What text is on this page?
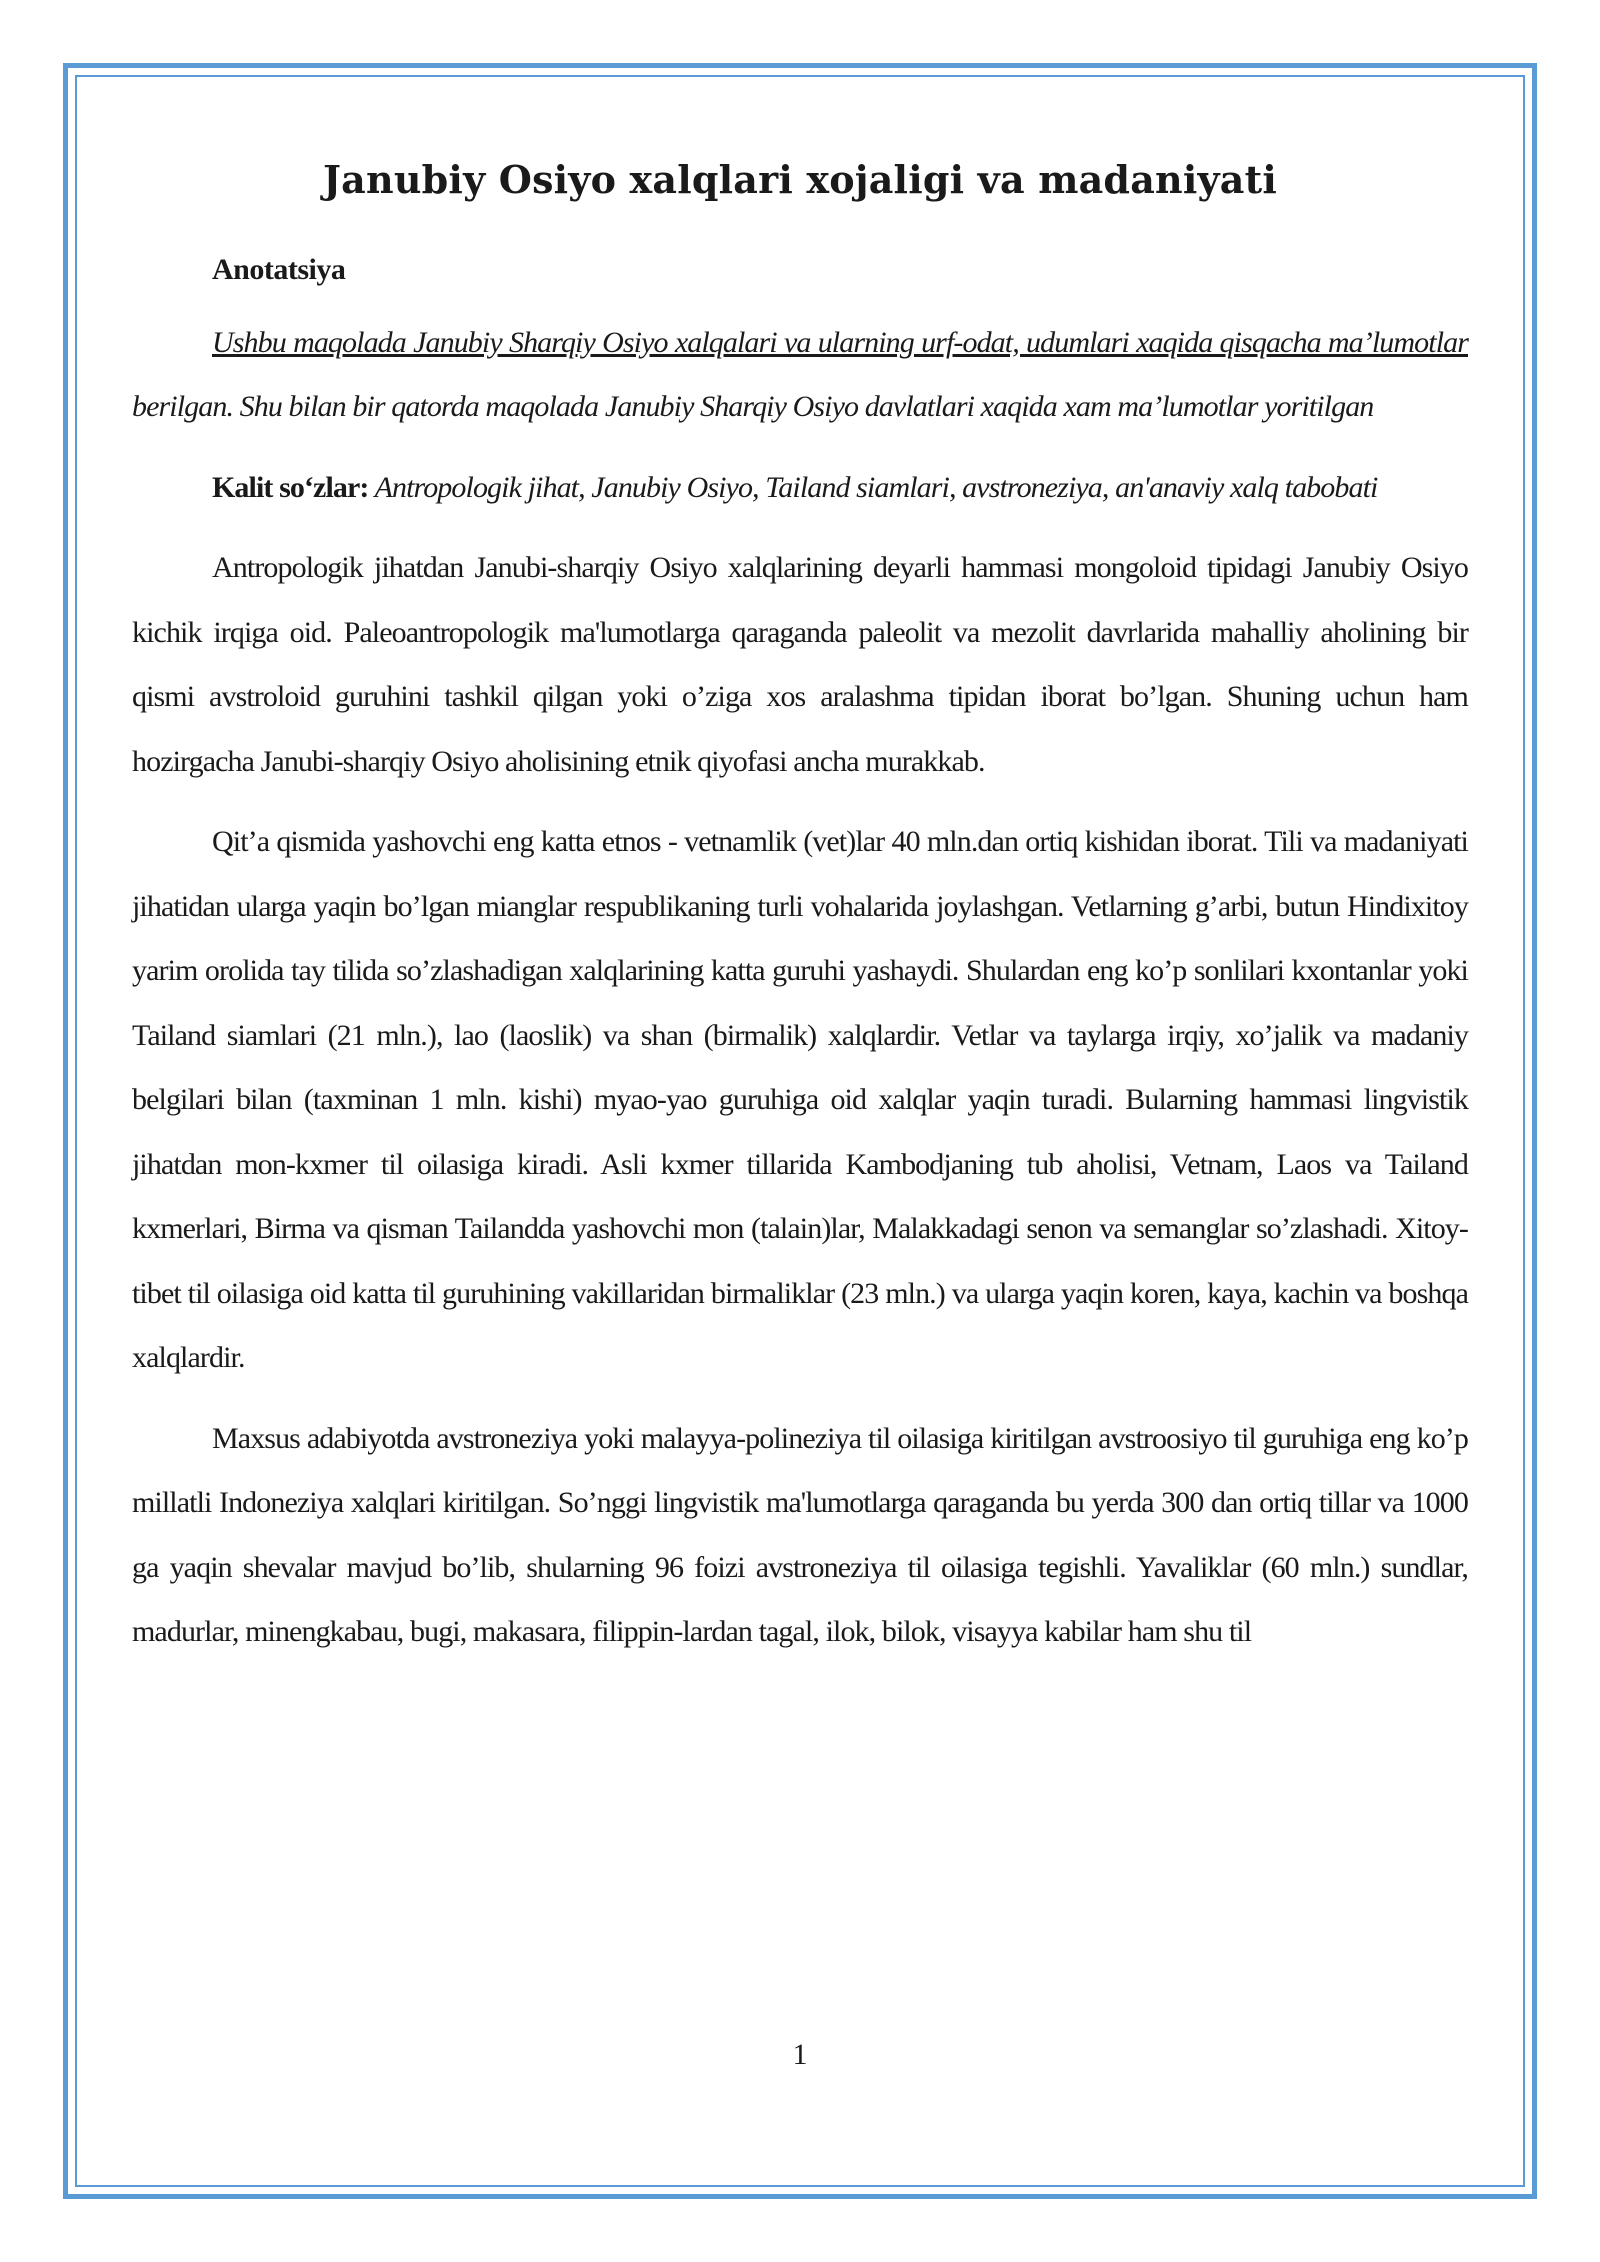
Janubiy Osiyo xalqlari xojaligi va madaniyati
Anotatsiya

Ushbu maqolada Janubiy Sharqiy Osiyo xalqalari va ularning urf-odat, udumlari xaqida qisqacha ma’lumotlar berilgan. Shu bilan bir qatorda maqolada Janubiy Sharqiy Osiyo davlatlari xaqida xam ma’lumotlar yoritilgan

Kalit so‘zlar: Antropologik jihat, Janubiy Osiyo, Tailand siamlari, avstroneziya, an'anaviy xalq tabobati

Antropologik jihatdan Janubi-sharqiy Osiyo xalqlarining deyarli hammasi mongoloid tipidagi Janubiy Osiyo kichik irqiga oid. Paleoantropologik ma'lumotlarga qaraganda paleolit va mezolit davrlarida mahalliy aholining bir qismi avstroloid guruhini tashkil qilgan yoki o’ziga xos aralashma tipidan iborat bo’lgan. Shuning uchun ham hozirgacha Janubi-sharqiy Osiyo aholisining etnik qiyofasi ancha murakkab.

Qit’a qismida yashovchi eng katta etnos - vetnamlik (vet)lar 40 mln.dan ortiq kishidan iborat. Tili va madaniyati jihatidan ularga yaqin bo’lgan mianglar respublikaning turli vohalarida joylashgan. Vetlarning g’arbi, butun Hindixitoy yarim orolida tay tilida so’zlashadigan xalqlarining katta guruhi yashaydi. Shulardan eng ko’p sonlilari kxontanlar yoki Tailand siamlari (21 mln.), lao (laoslik) va shan (birmalik) xalqlardir. Vetlar va taylarga irqiy, xo’jalik va madaniy belgilari bilan (taxminan 1 mln. kishi) myao-yao guruhiga oid xalqlar yaqin turadi. Bularning hammasi lingvistik jihatdan mon-kxmer til oilasiga kiradi. Asli kxmer tillarida Kambodjaning tub aholisi, Vetnam, Laos va Tailand kxmerlari, Birma va qisman Tailandda yashovchi mon (talain)lar, Malakkadagi senon va semanglar so’zlashadi. Xitoy-tibet til oilasiga oid katta til guruhining vakillaridan birmaliklar (23 mln.) va ularga yaqin koren, kaya, kachin va boshqa xalqlardir.

Maxsus adabiyotda avstroneziya yoki malayya-polineziya til oilasiga kiritilgan avstroosiyo til guruhiga eng ko’p millatli Indoneziya xalqlari kiritilgan. So’nggi lingvistik ma'lumotlarga qaraganda bu yerda 300 dan ortiq tillar va 1000 ga yaqin shevalar mavjud bo’lib, shularning 96 foizi avstroneziya til oilasiga tegishli. Yavaliklar (60 mln.) sundlar, madurlar, minengkabau, bugi, makasara, filippin-lardan tagal, ilok, bilok, visayya kabilar ham shu til

1
